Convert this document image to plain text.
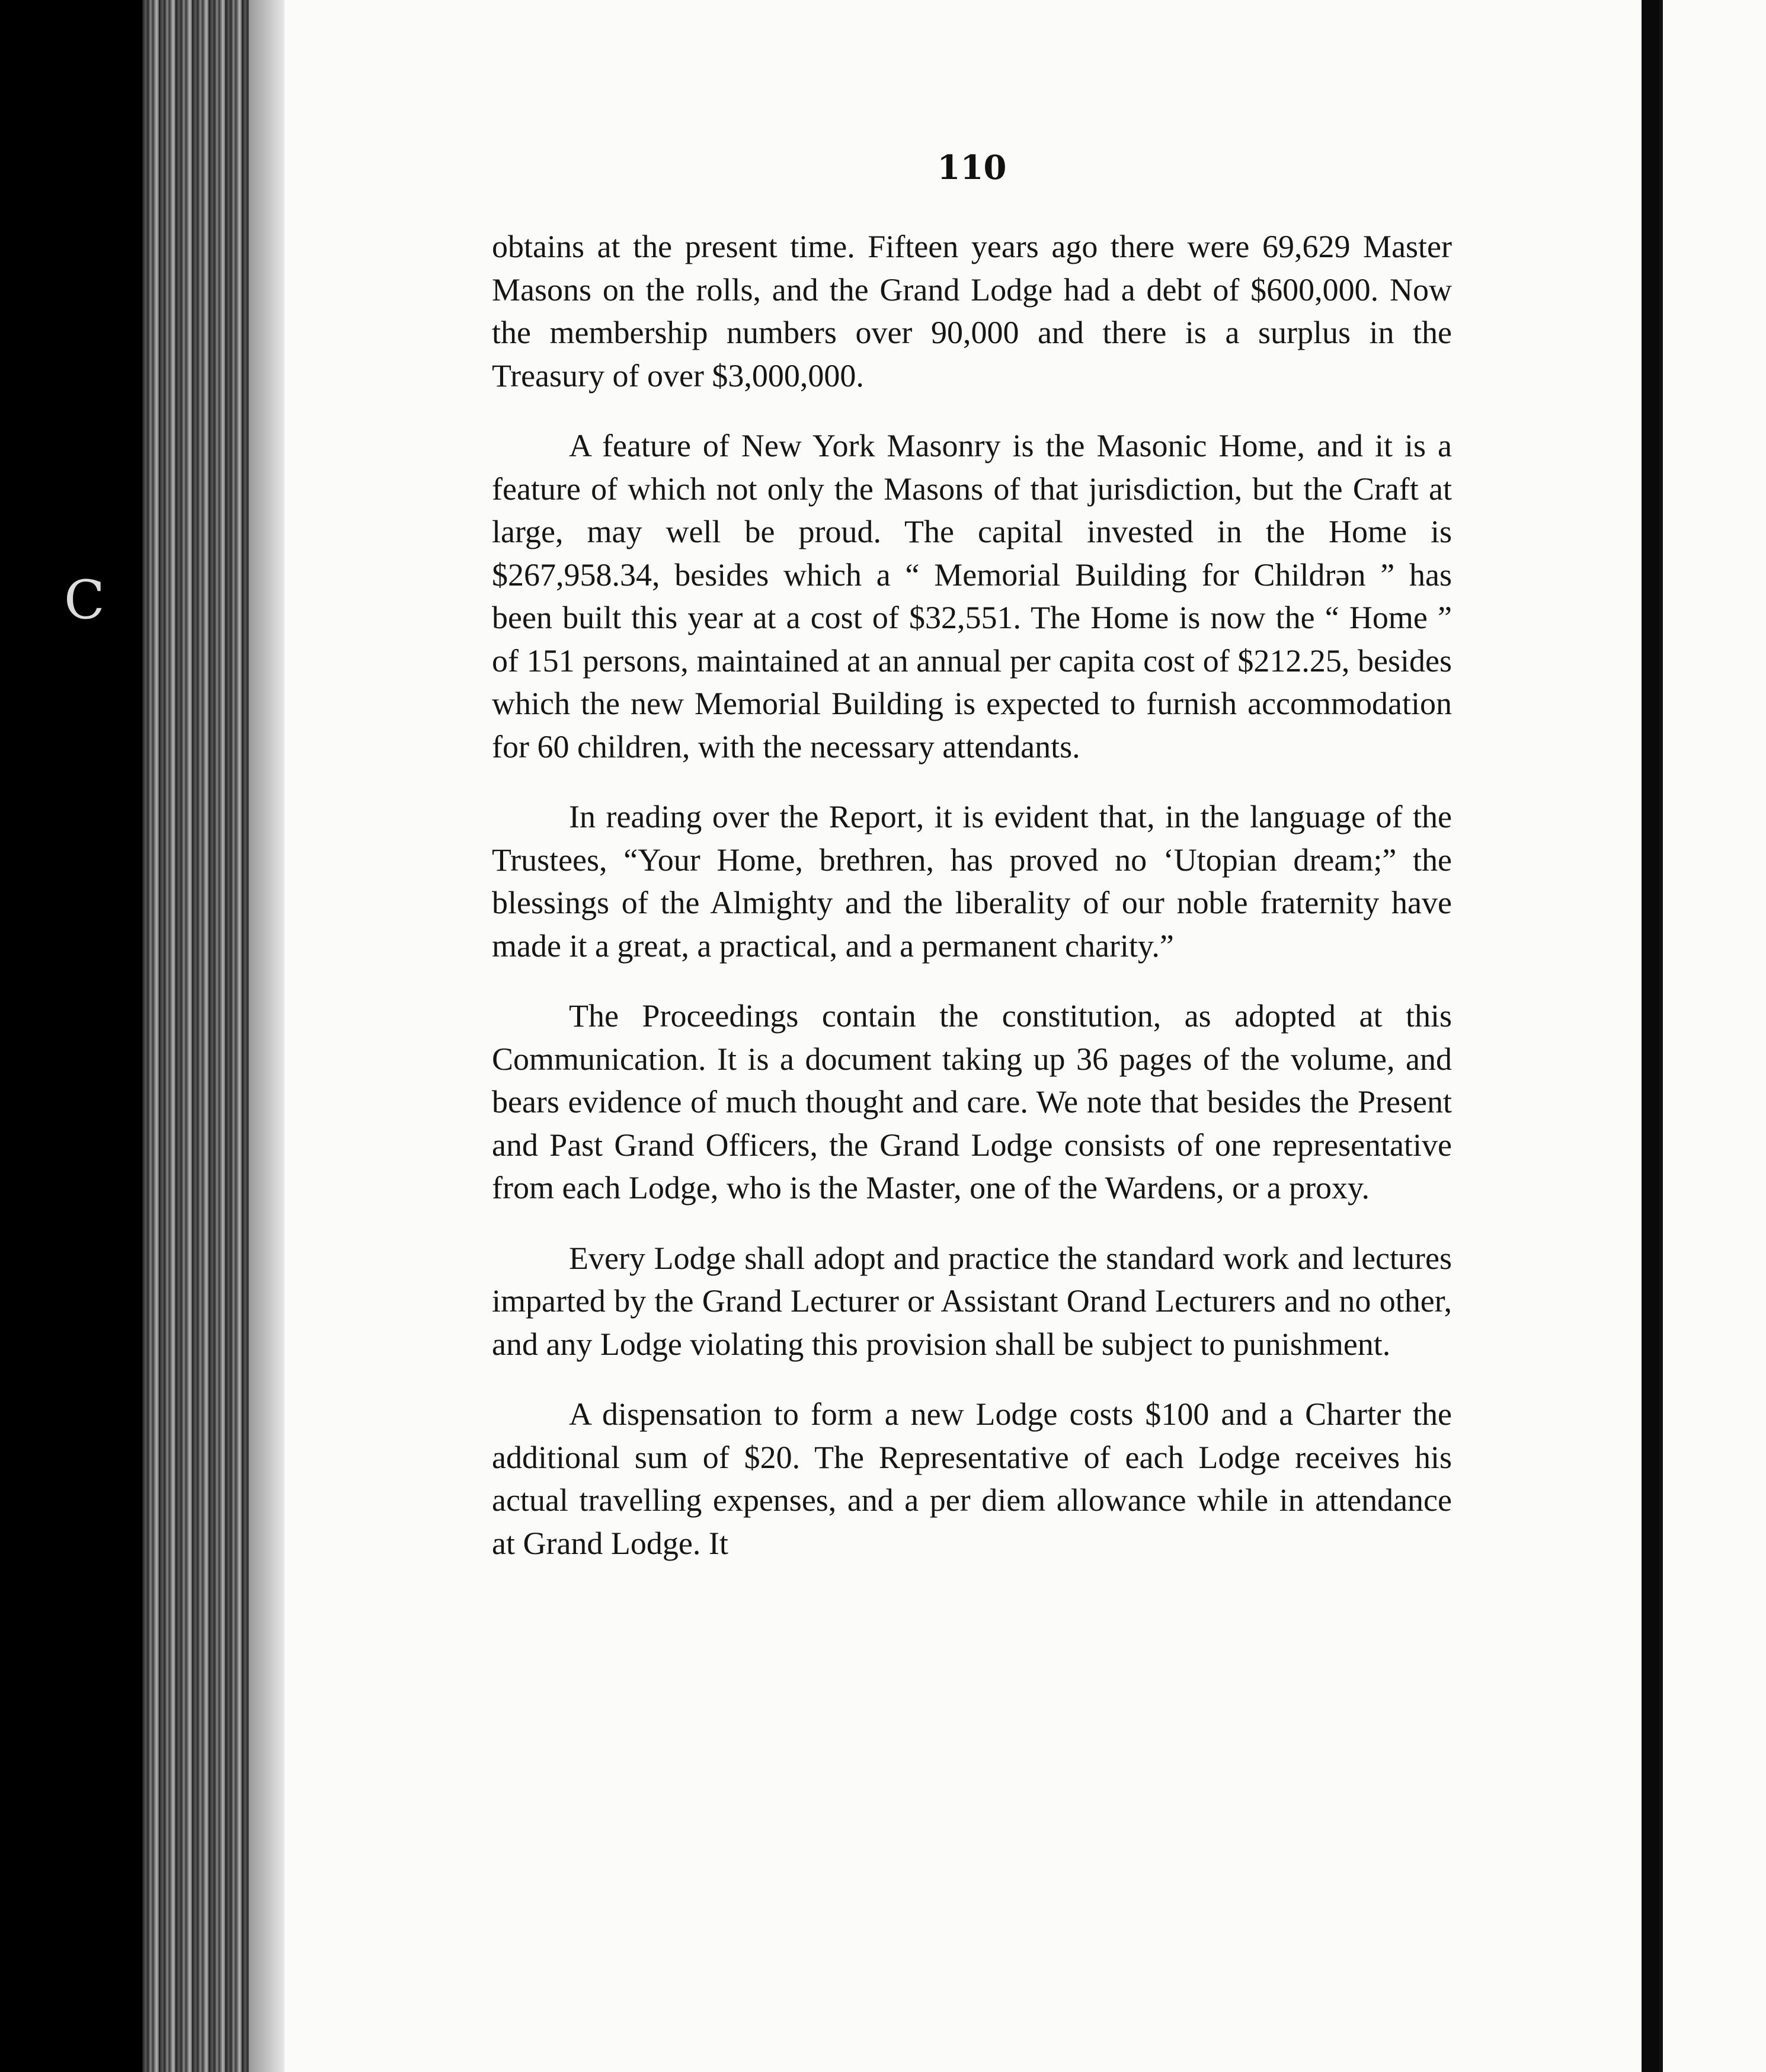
C
110

obtains at the present time. Fifteen years ago there were 69,629 Master Masons on the rolls, and the Grand Lodge had a debt of $600,000. Now the membership numbers over 90,000 and there is a surplus in the Treasury of over $3,000,000.

A feature of New York Masonry is the Masonic Home, and it is a feature of which not only the Masons of that jurisdiction, but the Craft at large, may well be proud. The capital invested in the Home is $267,958.34, besides which a “ Memorial Building for Childrən ” has been built this year at a cost of $32,551. The Home is now the “ Home ” of 151 persons, maintained at an annual per capita cost of $212.25, besides which the new Memorial Building is expected to furnish accommodation for 60 children, with the necessary attendants.

In reading over the Report, it is evident that, in the language of the Trustees, “Your Home, brethren, has proved no ‘Utopian dream;” the blessings of the Almighty and the liberality of our noble fraternity have made it a great, a practical, and a permanent charity.”

The Proceedings contain the constitution, as adopted at this Communication. It is a document taking up 36 pages of the volume, and bears evidence of much thought and care. We note that besides the Present and Past Grand Officers, the Grand Lodge consists of one representative from each Lodge, who is the Master, one of the Wardens, or a proxy.

Every Lodge shall adopt and practice the standard work and lectures imparted by the Grand Lecturer or Assistant Orand Lecturers and no other, and any Lodge violating this provision shall be subject to punishment.

A dispensation to form a new Lodge costs $100 and a Charter the additional sum of $20. The Representative of each Lodge receives his actual travelling expenses, and a per diem allowance while in attendance at Grand Lodge. It
